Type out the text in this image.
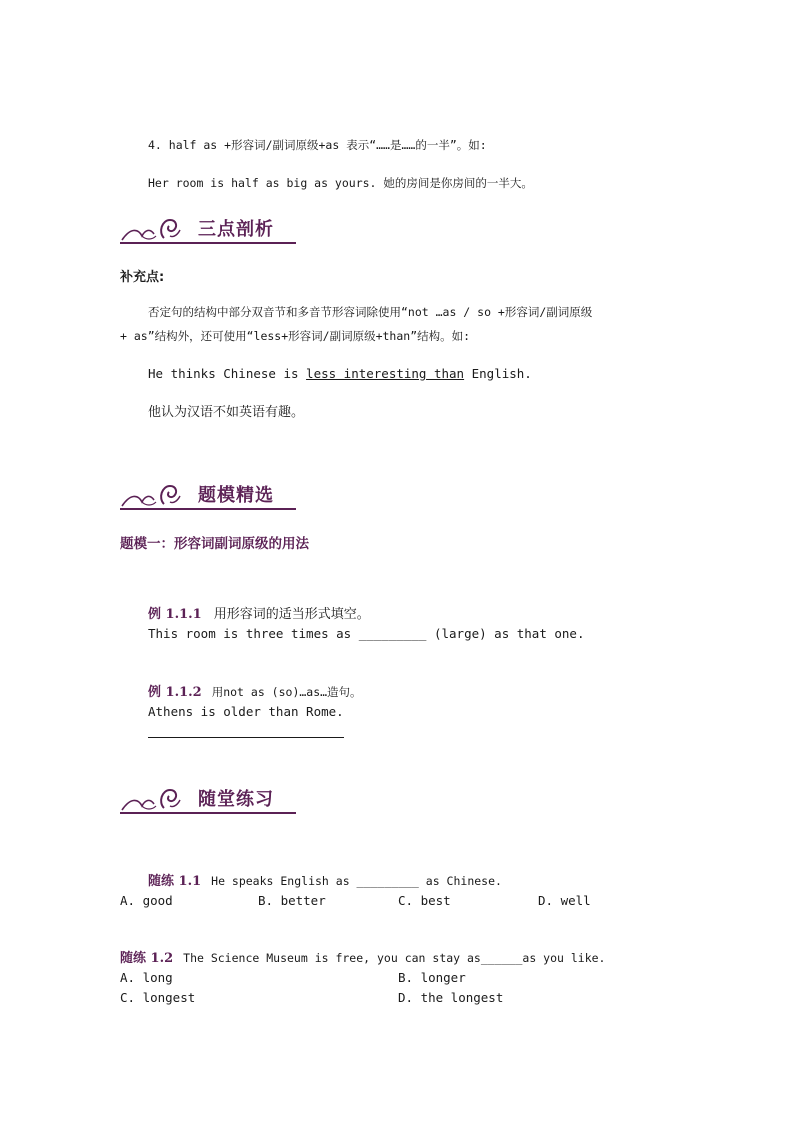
4. half as +形容词/副词原级+as 表示“……是……的一半”。如:
Her room is half as big as yours. 她的房间是你房间的一半大。
三点剖析
补充点:
否定句的结构中部分双音节和多音节形容词除使用“not …as / so +形容词/副词原级
+ as”结构外，还可使用“less+形容词/副词原级+than”结构。如:
He thinks Chinese is less interesting than English.
他认为汉语不如英语有趣。
题模精选
题模一：形容词副词原级的用法
例 1.1.1 用形容词的适当形式填空。
This room is three times as _________ (large) as that one.
例 1.1.2 用not as (so)…as…造句。
Athens is older than Rome.
随堂练习
随练 1.1 He speaks English as _________ as Chinese.
A. good	B. better	C. best	D. well
随练 1.2 The Science Museum is free, you can stay as______as you like.
A. long	B. longer
C. longest	D. the longest
